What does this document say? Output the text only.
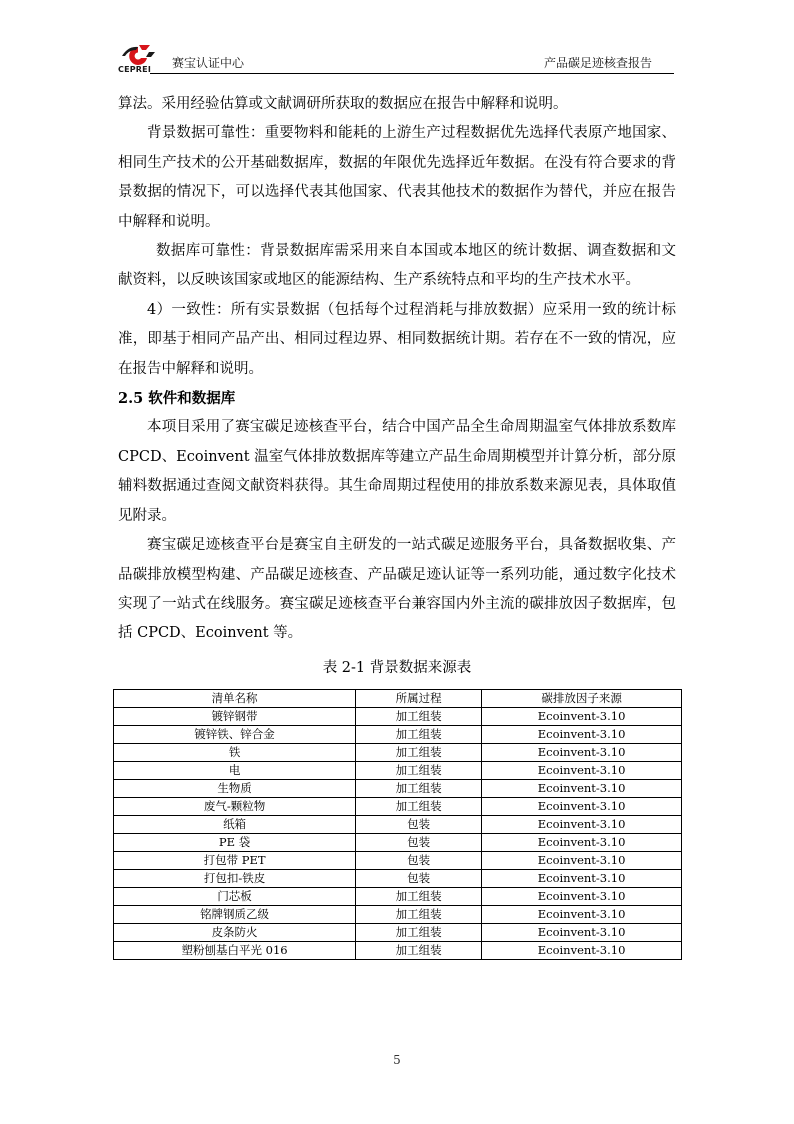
CEPREI 赛宝认证中心	产品碳足迹核查报告

算法。采用经验估算或文献调研所获取的数据应在报告中解释和说明。

背景数据可靠性：重要物料和能耗的上游生产过程数据优先选择代表原产地国家、相同生产技术的公开基础数据库，数据的年限优先选择近年数据。在没有符合要求的背景数据的情况下，可以选择代表其他国家、代表其他技术的数据作为替代，并应在报告中解释和说明。

数据库可靠性：背景数据库需采用来自本国或本地区的统计数据、调查数据和文献资料，以反映该国家或地区的能源结构、生产系统特点和平均的生产技术水平。

4）一致性：所有实景数据（包括每个过程消耗与排放数据）应采用一致的统计标准，即基于相同产品产出、相同过程边界、相同数据统计期。若存在不一致的情况，应在报告中解释和说明。

2.5 软件和数据库

本项目采用了赛宝碳足迹核查平台，结合中国产品全生命周期温室气体排放系数库 CPCD、Ecoinvent 温室气体排放数据库等建立产品生命周期模型并计算分析，部分原辅料数据通过查阅文献资料获得。其生命周期过程使用的排放系数来源见表，具体取值见附录。

赛宝碳足迹核查平台是赛宝自主研发的一站式碳足迹服务平台，具备数据收集、产品碳排放模型构建、产品碳足迹核查、产品碳足迹认证等一系列功能，通过数字化技术实现了一站式在线服务。赛宝碳足迹核查平台兼容国内外主流的碳排放因子数据库，包括 CPCD、Ecoinvent 等。

表 2-1 背景数据来源表
清单名称	所属过程	碳排放因子来源
镀锌钢带	加工组装	Ecoinvent-3.10
镀锌铁、锌合金	加工组装	Ecoinvent-3.10
铁	加工组装	Ecoinvent-3.10
电	加工组装	Ecoinvent-3.10
生物质	加工组装	Ecoinvent-3.10
废气-颗粒物	加工组装	Ecoinvent-3.10
纸箱	包装	Ecoinvent-3.10
PE 袋	包装	Ecoinvent-3.10
打包带 PET	包装	Ecoinvent-3.10
打包扣-铁皮	包装	Ecoinvent-3.10
门芯板	加工组装	Ecoinvent-3.10
铭牌钢质乙级	加工组装	Ecoinvent-3.10
皮条防火	加工组装	Ecoinvent-3.10
塑粉刨基白平光 016	加工组装	Ecoinvent-3.10
5
